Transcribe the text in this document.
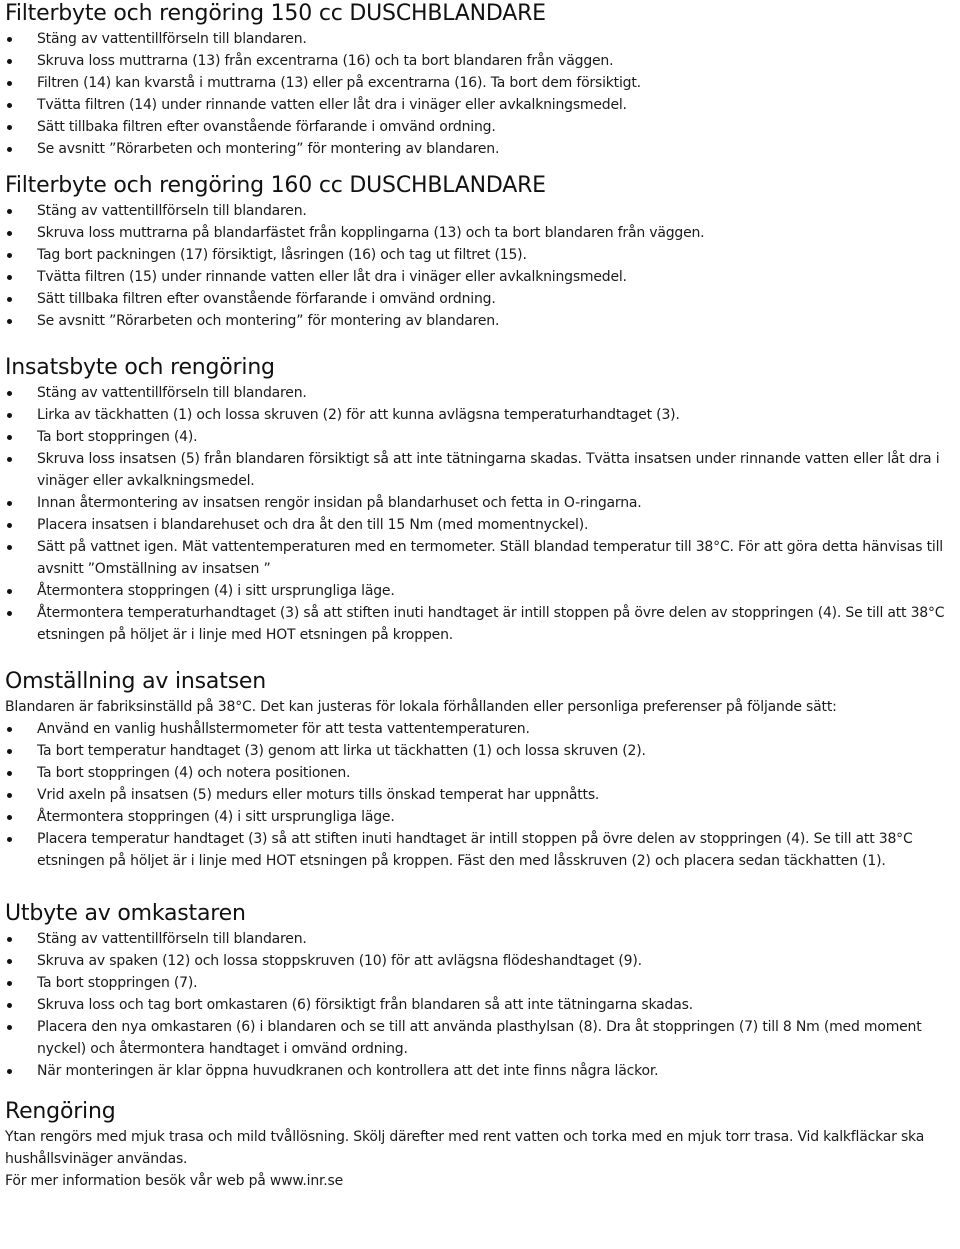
Filterbyte och rengöring 150 cc DUSCHBLANDARE
Stäng av vattentillförseln till blandaren.
Skruva loss muttrarna (13) från excentrarna (16) och ta bort blandaren från väggen.
Filtren (14) kan kvarstå i muttrarna (13) eller på excentrarna (16). Ta bort dem försiktigt.
Tvätta filtren (14) under rinnande vatten eller låt dra i vinäger eller avkalkningsmedel.
Sätt tillbaka filtren efter ovanstående förfarande i omvänd ordning.
Se avsnitt ”Rörarbeten och montering” för montering av blandaren.
Filterbyte och rengöring 160 cc DUSCHBLANDARE
Stäng av vattentillförseln till blandaren.
Skruva loss muttrarna på blandarfästet från kopplingarna (13) och ta bort blandaren från väggen.
Tag bort packningen (17) försiktigt, låsringen (16) och tag ut filtret (15).
Tvätta filtren (15) under rinnande vatten eller låt dra i vinäger eller avkalkningsmedel.
Sätt tillbaka filtren efter ovanstående förfarande i omvänd ordning.
Se avsnitt ”Rörarbeten och montering” för montering av blandaren.
Insatsbyte och rengöring
Stäng av vattentillförseln till blandaren.
Lirka av täckhatten (1) och lossa skruven (2) för att kunna avlägsna temperaturhandtaget (3).
Ta bort stoppringen (4).
Skruva loss insatsen (5) från blandaren försiktigt så att inte tätningarna skadas. Tvätta insatsen under rinnande vatten eller låt dra i vinäger eller avkalkningsmedel.
Innan återmontering av insatsen rengör insidan på blandarhuset och fetta in O-ringarna.
Placera insatsen i blandarehuset och dra åt den till 15 Nm (med momentnyckel).
Sätt på vattnet igen. Mät vattentemperaturen med en termometer. Ställ blandad temperatur till 38°C. För att göra detta hänvisas till avsnitt ”Omställning av insatsen ”
Återmontera stoppringen (4) i sitt ursprungliga läge.
Återmontera temperaturhandtaget (3) så att stiften inuti handtaget är intill stoppen på övre delen av stoppringen (4). Se till att 38°C etsningen på höljet är i linje med HOT etsningen på kroppen.
Omställning av insatsen

Blandaren är fabriksinställd på 38°C. Det kan justeras för lokala förhållanden eller personliga preferenser på följande sätt:

Använd en vanlig hushållstermometer för att testa vattentemperaturen.
Ta bort temperatur handtaget (3) genom att lirka ut täckhatten (1) och lossa skruven (2).
Ta bort stoppringen (4) och notera positionen.
Vrid axeln på insatsen (5) medurs eller moturs tills önskad temperat har uppnåtts.
Återmontera stoppringen (4) i sitt ursprungliga läge.
Placera temperatur handtaget (3) så att stiften inuti handtaget är intill stoppen på övre delen av stoppringen (4). Se till att 38°C etsningen på höljet är i linje med HOT etsningen på kroppen. Fäst den med låsskruven (2) och placera sedan täckhatten (1).
Utbyte av omkastaren
Stäng av vattentillförseln till blandaren.
Skruva av spaken (12) och lossa stoppskruven (10) för att avlägsna flödeshandtaget (9).
Ta bort stoppringen (7).
Skruva loss och tag bort omkastaren (6) försiktigt från blandaren så att inte tätningarna skadas.
Placera den nya omkastaren (6) i blandaren och se till att använda plasthylsan (8). Dra åt stoppringen (7) till 8 Nm (med moment nyckel) och återmontera handtaget i omvänd ordning.
När monteringen är klar öppna huvudkranen och kontrollera att det inte finns några läckor.
Rengöring

Ytan rengörs med mjuk trasa och mild tvållösning. Skölj därefter med rent vatten och torka med en mjuk torr trasa. Vid kalkfläckar ska hushållsvinäger användas.

För mer information besök vår web på www.inr.se
